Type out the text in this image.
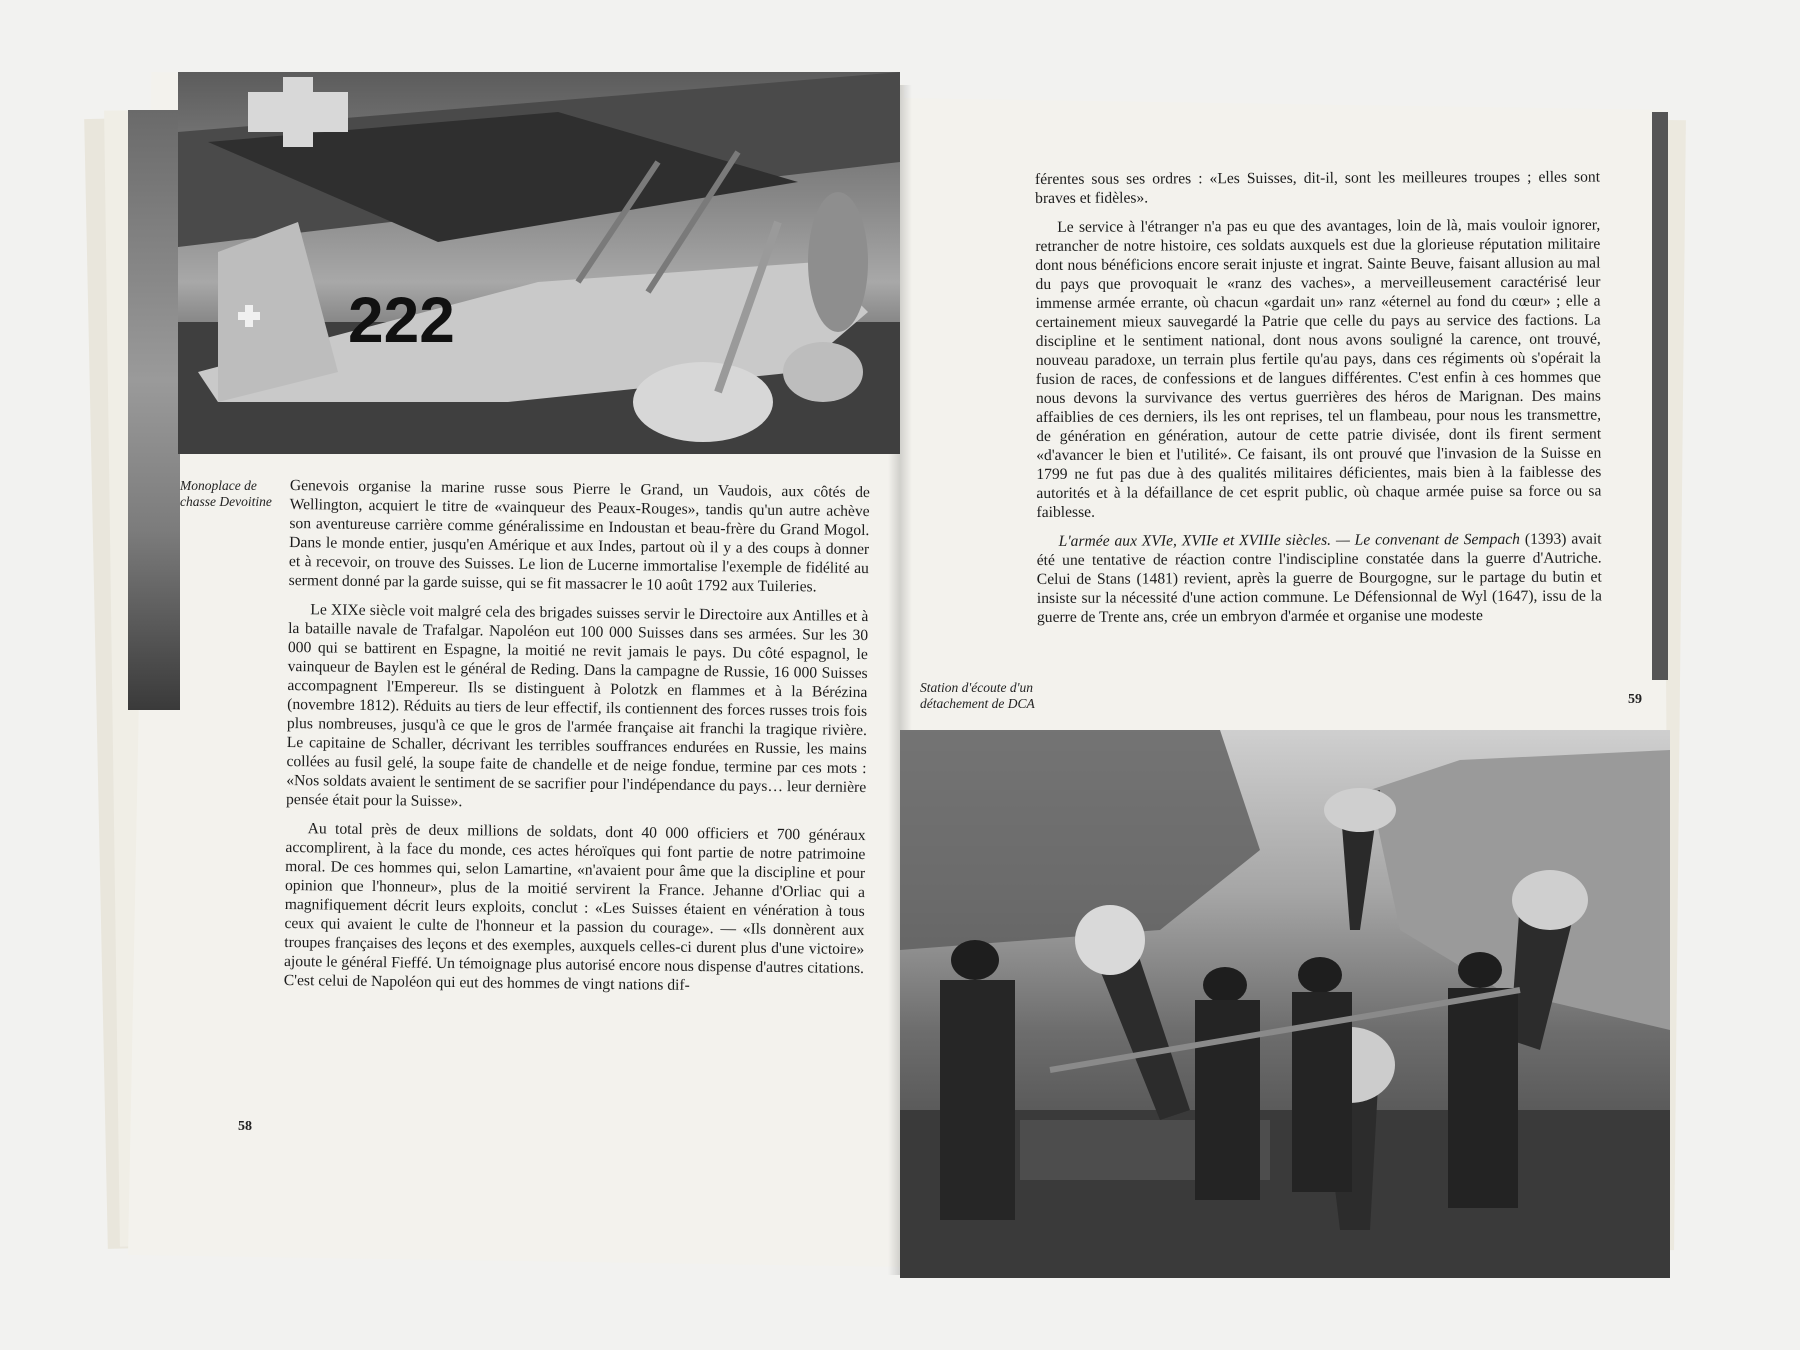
222
Monoplace de chasse Devoitine
Station d'écoute d'un détachement de DCA

Genevois organise la marine russe sous Pierre le Grand, un Vaudois, aux côtés de Wellington, acquiert le titre de «vainqueur des Peaux-Rouges», tandis qu'un autre achève son aventureuse carrière comme généralissime en Indoustan et beau-frère du Grand Mogol. Dans le monde entier, jusqu'en Amérique et aux Indes, partout où il y a des coups à donner et à recevoir, on trouve des Suisses. Le lion de Lucerne immortalise l'exemple de fidélité au serment donné par la garde suisse, qui se fit massacrer le 10 août 1792 aux Tuileries.

Le XIXe siècle voit malgré cela des brigades suisses servir le Directoire aux Antilles et à la bataille navale de Trafalgar. Napoléon eut 100 000 Suisses dans ses armées. Sur les 30 000 qui se battirent en Espagne, la moitié ne revit jamais le pays. Du côté espagnol, le vainqueur de Baylen est le général de Reding. Dans la campagne de Russie, 16 000 Suisses accompagnent l'Empereur. Ils se distinguent à Polotzk en flammes et à la Bérézina (novembre 1812). Réduits au tiers de leur effectif, ils contiennent des forces russes trois fois plus nombreuses, jusqu'à ce que le gros de l'armée française ait franchi la tragique rivière. Le capitaine de Schaller, décrivant les terribles souffrances endurées en Russie, les mains collées au fusil gelé, la soupe faite de chandelle et de neige fondue, termine par ces mots : «Nos soldats avaient le sentiment de se sacrifier pour l'indépendance du pays… leur dernière pensée était pour la Suisse».

Au total près de deux millions de soldats, dont 40 000 officiers et 700 généraux accomplirent, à la face du monde, ces actes héroïques qui font partie de notre patrimoine moral. De ces hommes qui, selon Lamartine, «n'avaient pour âme que la discipline et pour opinion que l'honneur», plus de la moitié servirent la France. Jehanne d'Orliac qui a magnifiquement décrit leurs exploits, conclut : «Les Suisses étaient en vénération à tous ceux qui avaient le culte de l'honneur et la passion du courage». — «Ils donnèrent aux troupes françaises des leçons et des exemples, auxquels celles-ci durent plus d'une victoire» ajoute le général Fieffé. Un témoignage plus autorisé encore nous dispense d'autres citations. C'est celui de Napoléon qui eut des hommes de vingt nations dif-

férentes sous ses ordres : «Les Suisses, dit-il, sont les meilleures troupes ; elles sont braves et fidèles».

Le service à l'étranger n'a pas eu que des avantages, loin de là, mais vouloir ignorer, retrancher de notre histoire, ces soldats auxquels est due la glorieuse réputation militaire dont nous bénéficions encore serait injuste et ingrat. Sainte Beuve, faisant allusion au mal du pays que provoquait le «ranz des vaches», a merveilleusement caractérisé leur immense armée errante, où chacun «gardait un» ranz «éternel au fond du cœur» ; elle a certainement mieux sauvegardé la Patrie que celle du pays au service des factions. La discipline et le sentiment national, dont nous avons souligné la carence, ont trouvé, nouveau paradoxe, un terrain plus fertile qu'au pays, dans ces régiments où s'opérait la fusion de races, de confessions et de langues différentes. C'est enfin à ces hommes que nous devons la survivance des vertus guerrières des héros de Marignan. Des mains affaiblies de ces derniers, ils les ont reprises, tel un flambeau, pour nous les transmettre, de génération en génération, autour de cette patrie divisée, dont ils firent serment «d'avancer le bien et l'utilité». Ce faisant, ils ont prouvé que l'invasion de la Suisse en 1799 ne fut pas due à des qualités militaires déficientes, mais bien à la faiblesse des autorités et à la défaillance de cet esprit public, où chaque armée puise sa force ou sa faiblesse.

L'armée aux XVIe, XVIIe et XVIIIe siècles. — Le convenant de Sempach (1393) avait été une tentative de réaction contre l'indiscipline constatée dans la guerre d'Autriche. Celui de Stans (1481) revient, après la guerre de Bourgogne, sur le partage du butin et insiste sur la nécessité d'une action commune. Le Défensionnal de Wyl (1647), issu de la guerre de Trente ans, crée un embryon d'armée et organise une modeste

58
59
